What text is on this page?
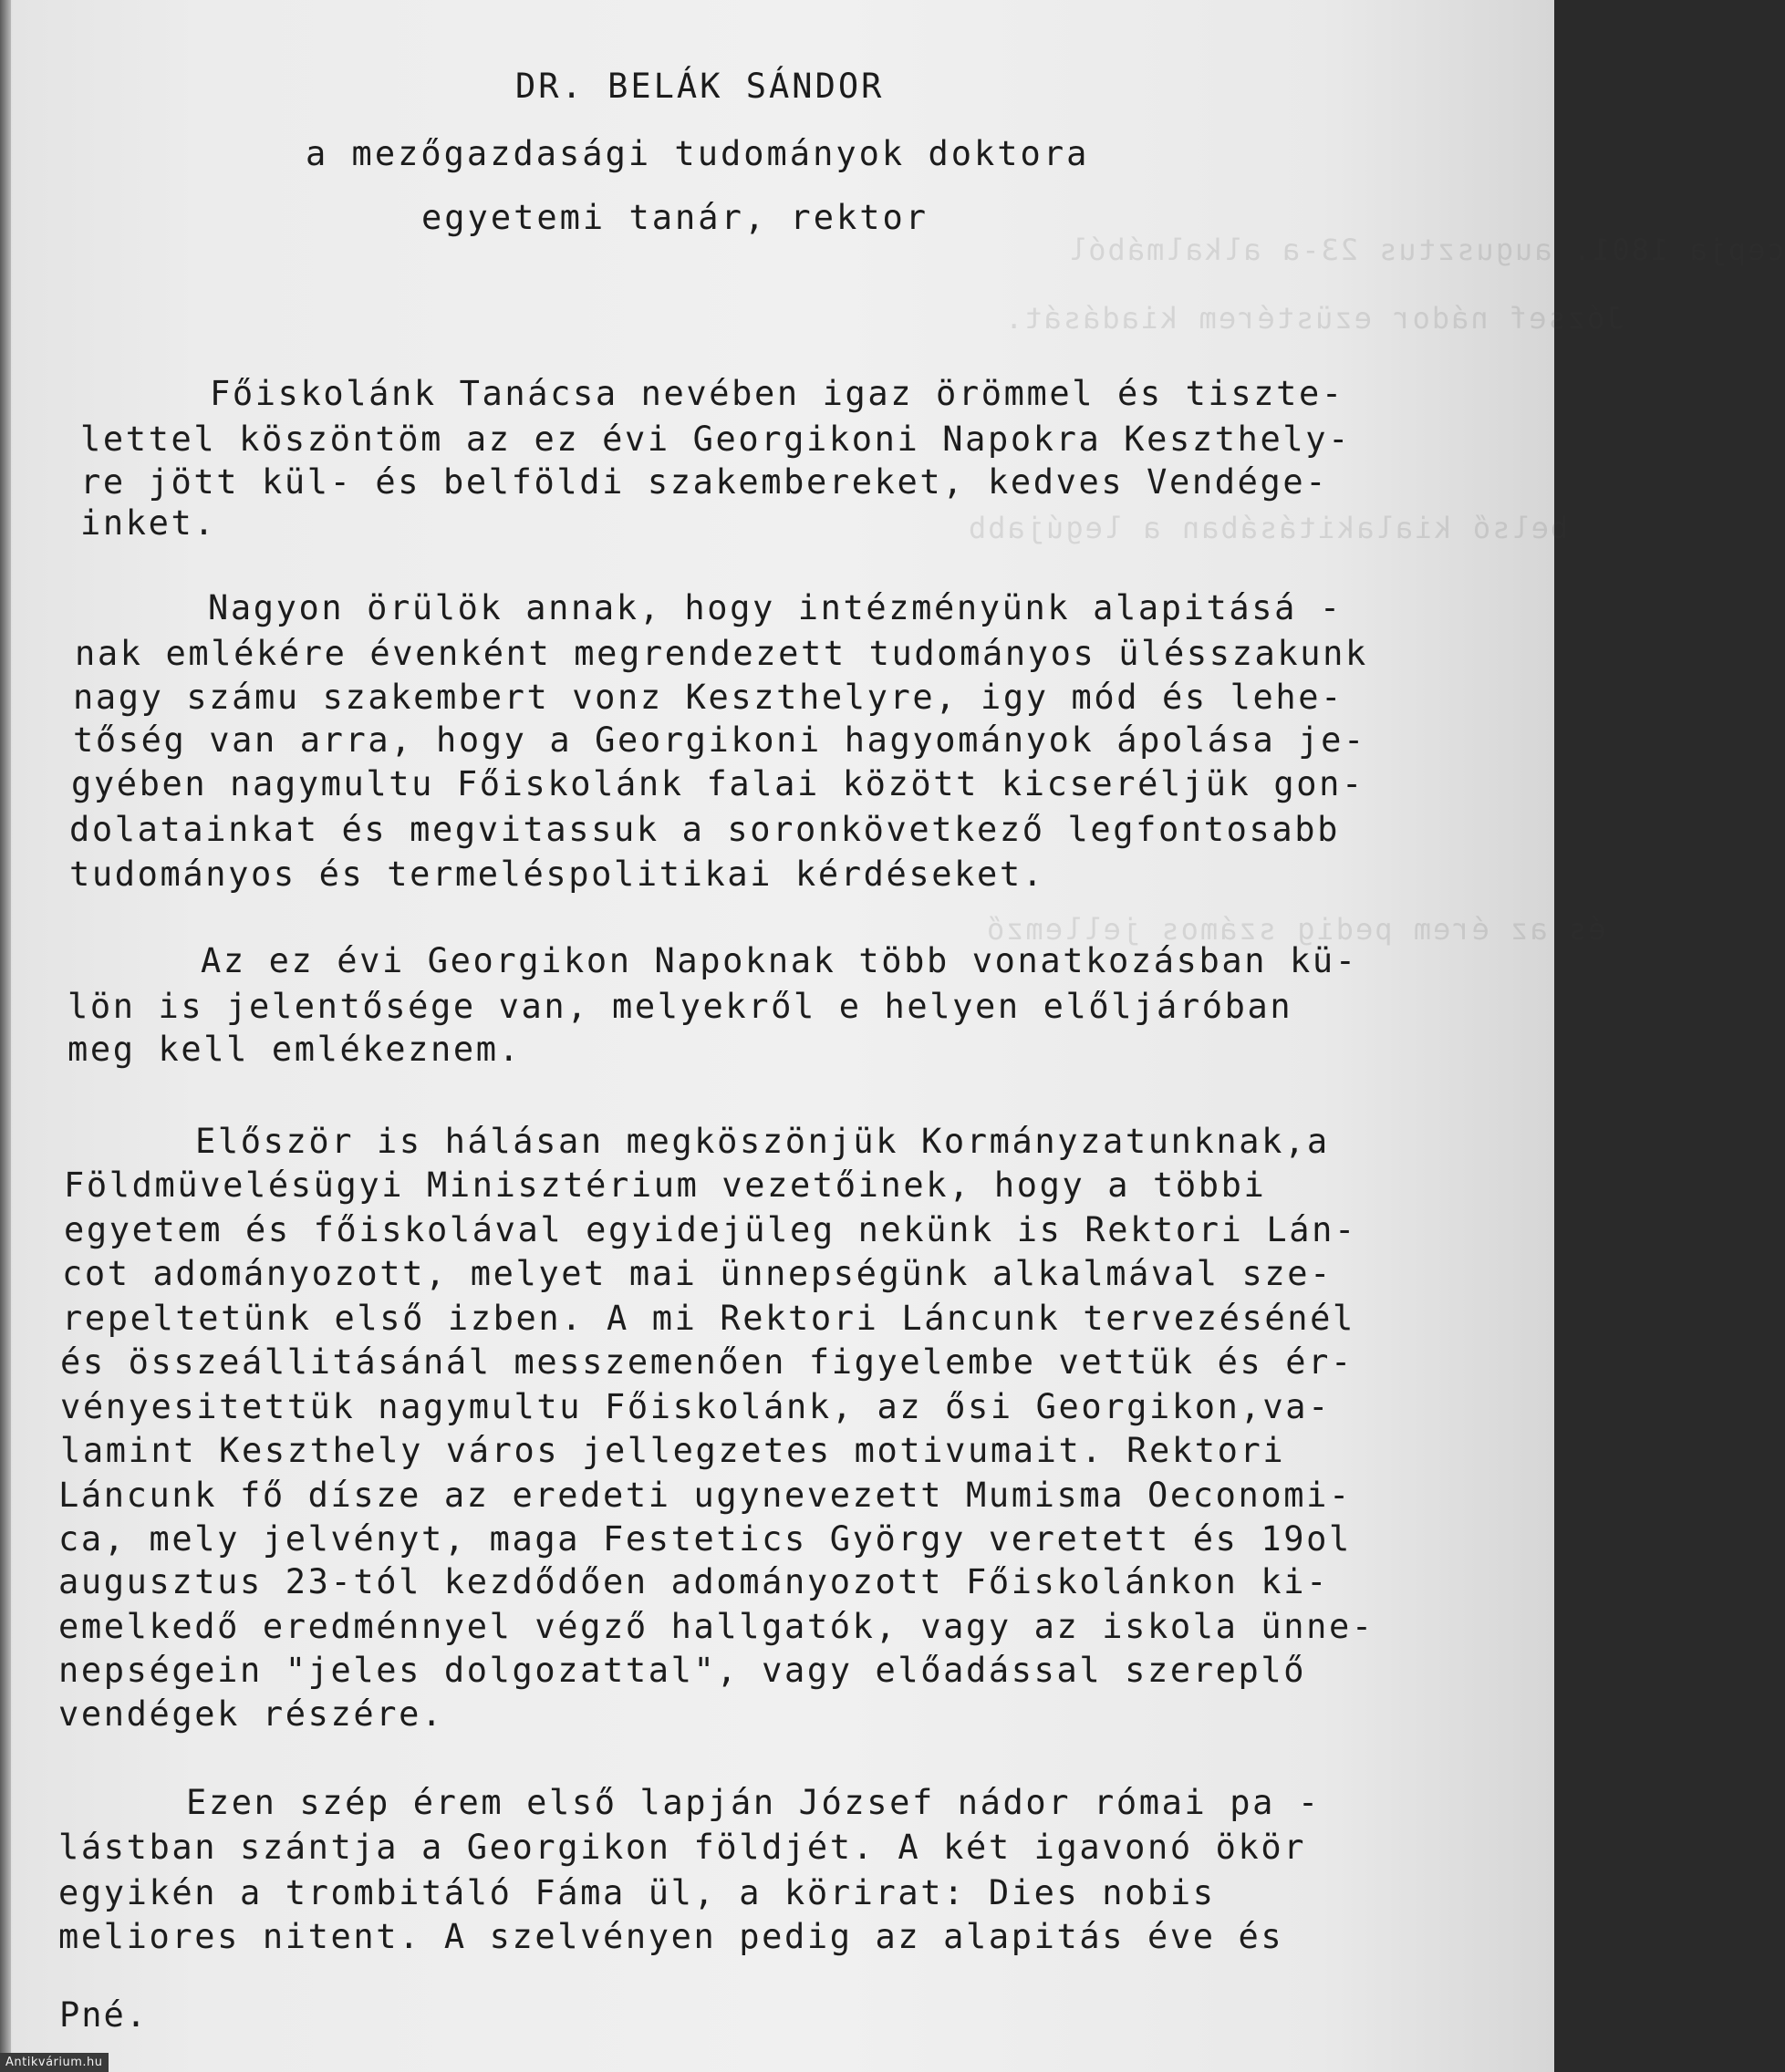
cepja 1801. augusztus 23-a alkalmából
József nádor ezüstérem kiadását.
belső kialakitásában a legújabb
és az érem pedig számos jellemző
DR. BELÁK SÁNDOR
a mezőgazdasági tudományok doktora
egyetemi tanár, rektor
Főiskolánk Tanácsa nevében igaz örömmel és tiszte-
lettel köszöntöm az ez évi Georgikoni Napokra Keszthely-
re jött kül- és belföldi szakembereket, kedves Vendége-
inket.
Nagyon örülök annak, hogy intézményünk alapitásá -
nak emlékére évenként megrendezett tudományos ülésszakunk
nagy számu szakembert vonz Keszthelyre, igy mód és lehe-
tőség van arra, hogy a Georgikoni hagyományok ápolása je-
gyében nagymultu Főiskolánk falai között kicseréljük gon-
dolatainkat és megvitassuk a soronkövetkező legfontosabb
tudományos és termeléspolitikai kérdéseket.
Az ez évi Georgikon Napoknak több vonatkozásban kü-
lön is jelentősége van, melyekről e helyen előljáróban
meg kell emlékeznem.
Először is hálásan megköszönjük Kormányzatunknak,a
Földmüvelésügyi Minisztérium vezetőinek, hogy a többi
egyetem és főiskolával egyidejüleg nekünk is Rektori Lán-
cot adományozott, melyet mai ünnepségünk alkalmával sze-
repeltetünk első izben. A mi Rektori Láncunk tervezésénél
és összeállitásánál messzemenően figyelembe vettük és ér-
vényesitettük nagymultu Főiskolánk, az ősi Georgikon,va-
lamint Keszthely város jellegzetes motivumait. Rektori
Láncunk fő dísze az eredeti ugynevezett Mumisma Oeconomi-
ca, mely jelvényt, maga Festetics György veretett és 19ol
augusztus 23-tól kezdődően adományozott Főiskolánkon ki-
emelkedő eredménnyel végző hallgatók, vagy az iskola ünne-
nepségein "jeles dolgozattal", vagy előadással szereplő
vendégek részére.
Ezen szép érem első lapján József nádor római pa -
lástban szántja a Georgikon földjét. A két igavonó ökör
egyikén a trombitáló Fáma ül, a körirat: Dies nobis
meliores nitent. A szelvényen pedig az alapitás éve és
Pné.
Antikvárium.hu
